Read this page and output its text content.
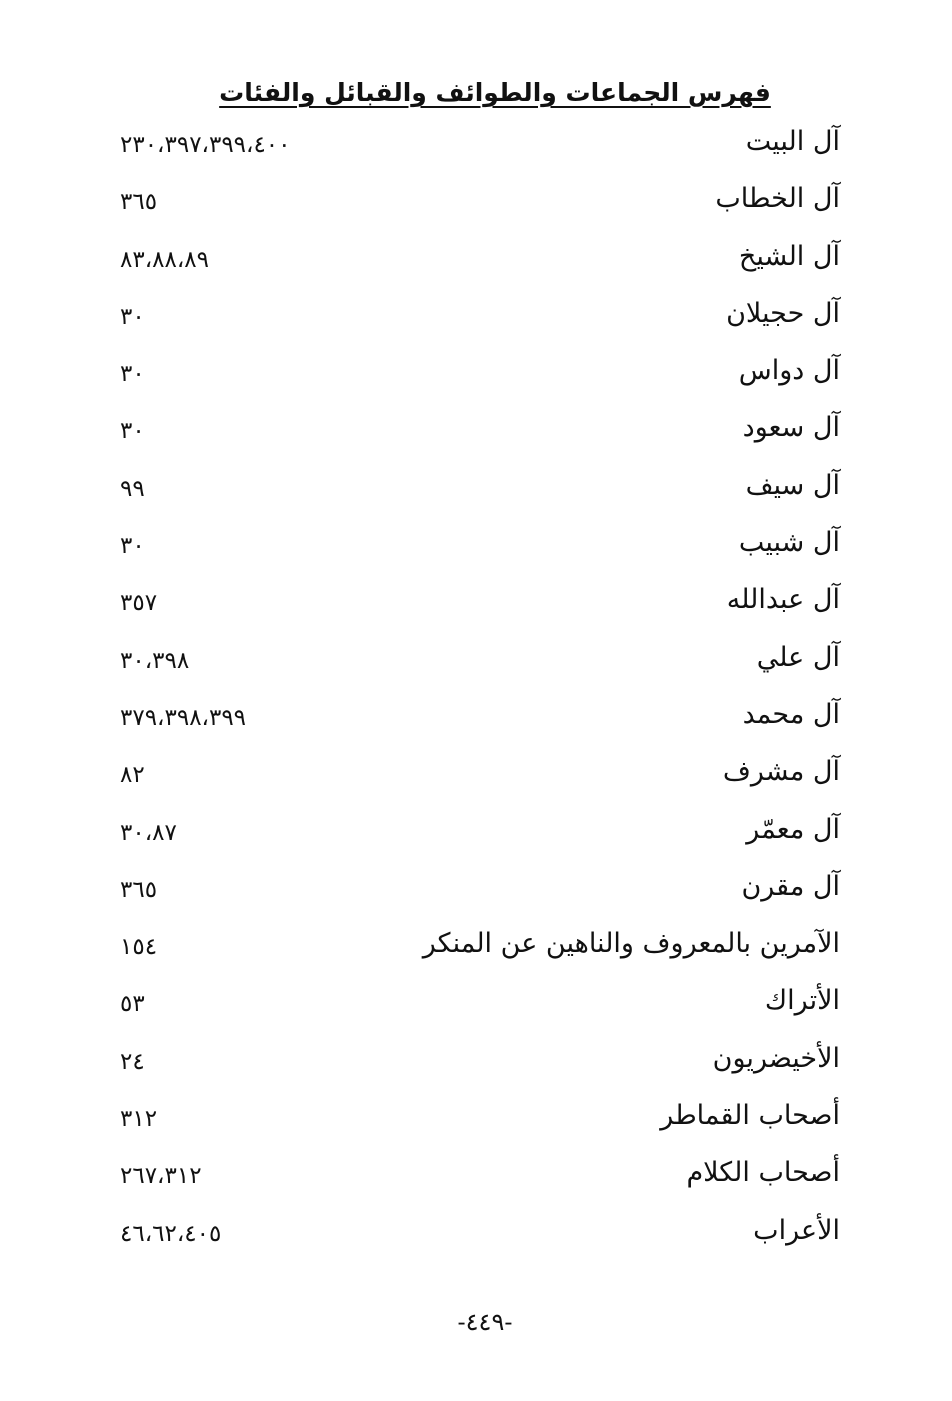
فهرس الجماعات والطوائف والقبائل والفئات
آل البيت
٢٣٠،٣٩٧،٣٩٩،٤٠٠
آل الخطاب
٣٦٥
آل الشيخ
٨٣،٨٨،٨٩
آل حجيلان
٣٠
آل دواس
٣٠
آل سعود
٣٠
آل سيف
٩٩
آل شبيب
٣٠
آل عبدالله
٣٥٧
آل علي
٣٠،٣٩٨
آل محمد
٣٧٩،٣٩٨،٣٩٩
آل مشرف
٨٢
آل معمّر
٣٠،٨٧
آل مقرن
٣٦٥
الآمرين بالمعروف والناهين عن المنكر
١٥٤
الأتراك
٥٣
الأخيضريون
٢٤
أصحاب القماطر
٣١٢
أصحاب الكلام
٢٦٧،٣١٢
الأعراب
٤٦،٦٢،٤٠٥
-٤٤٩-
